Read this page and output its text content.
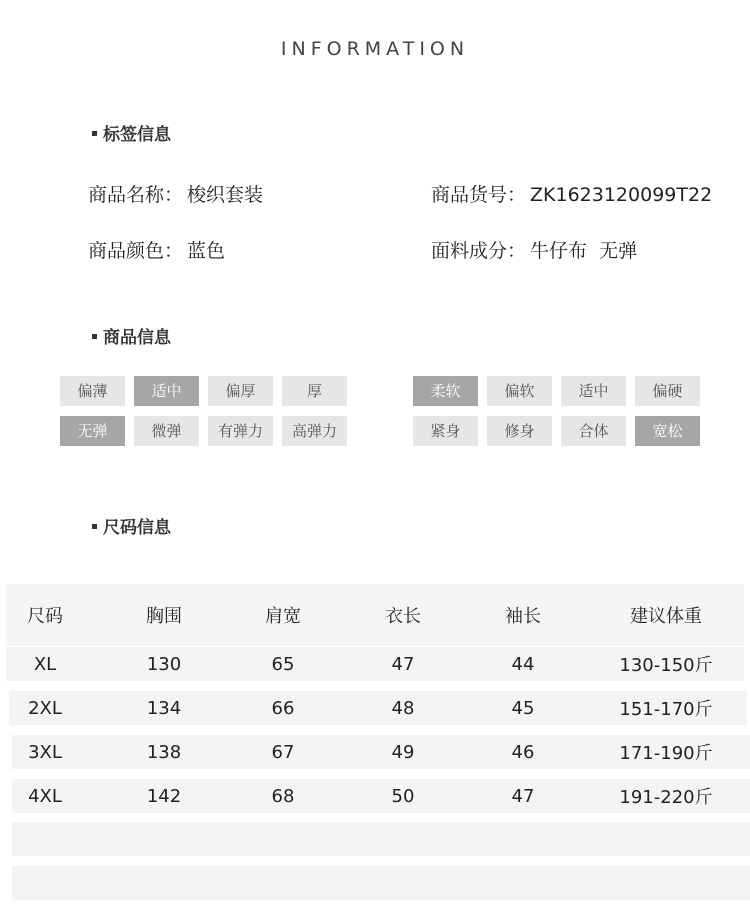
INFORMATION
标签信息
商品名称： 梭织套装	商品货号： ZK1623120099T22
商品颜色： 蓝色	面料成分： 牛仔布  无弹
商品信息
偏薄	适中	偏厚	厚
无弹	微弹	有弹力	高弹力
柔软	偏软	适中	偏硬
紧身	修身	合体	宽松
尺码信息
尺码	胸围	肩宽	衣长	袖长	建议体重
XL	130	65	47	44	130-150斤
2XL	134	66	48	45	151-170斤
3XL	138	67	49	46	171-190斤
4XL	142	68	50	47	191-220斤
